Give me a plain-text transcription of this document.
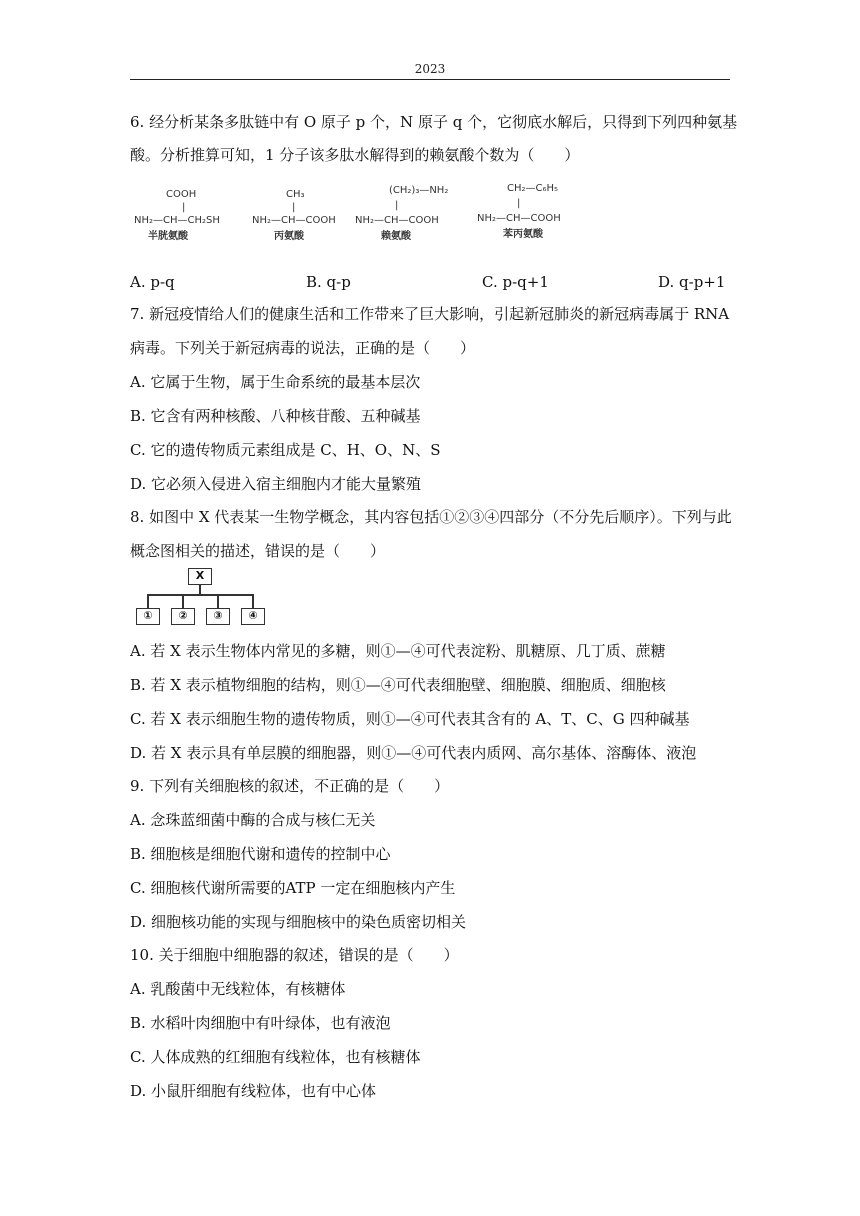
2023
6. 经分析某条多肽链中有 O 原子 p 个，N 原子 q 个，它彻底水解后，只得到下列四种氨基
酸。分析推算可知，1 分子该多肽水解得到的赖氨酸个数为（　　）
COOH
|
NH₂—CH—CH₂SH
半胱氨酸
CH₃
|
NH₂—CH—COOH
丙氨酸
(CH₂)₃—NH₂
|
NH₂—CH—COOH
赖氨酸
CH₂—C₆H₅
|
NH₂—CH—COOH
苯丙氨酸
A. p-q	B. q-p	C. p-q+1	D. q-p+1
7. 新冠疫情给人们的健康生活和工作带来了巨大影响，引起新冠肺炎的新冠病毒属于 RNA
病毒。下列关于新冠病毒的说法，正确的是（　　）
A. 它属于生物，属于生命系统的最基本层次
B. 它含有两种核酸、八种核苷酸、五种碱基
C. 它的遗传物质元素组成是 C、H、O、N、S
D. 它必须入侵进入宿主细胞内才能大量繁殖
8. 如图中 X 代表某一生物学概念，其内容包括①②③④四部分（不分先后顺序）。下列与此
概念图相关的描述，错误的是（　　）
X
①	②	③	④
A. 若 X 表示生物体内常见的多糖，则①—④可代表淀粉、肌糖原、几丁质、蔗糖
B. 若 X 表示植物细胞的结构，则①—④可代表细胞壁、细胞膜、细胞质、细胞核
C. 若 X 表示细胞生物的遗传物质，则①—④可代表其含有的 A、T、C、G 四种碱基
D. 若 X 表示具有单层膜的细胞器，则①—④可代表内质网、高尔基体、溶酶体、液泡
9. 下列有关细胞核的叙述，不正确的是（　　）
A. 念珠蓝细菌中酶的合成与核仁无关
B. 细胞核是细胞代谢和遗传的控制中心
C. 细胞核代谢所需要的ATP 一定在细胞核内产生
D. 细胞核功能的实现与细胞核中的染色质密切相关
10. 关于细胞中细胞器的叙述，错误的是（　　）
A. 乳酸菌中无线粒体，有核糖体
B. 水稻叶肉细胞中有叶绿体，也有液泡
C. 人体成熟的红细胞有线粒体，也有核糖体
D. 小鼠肝细胞有线粒体，也有中心体
